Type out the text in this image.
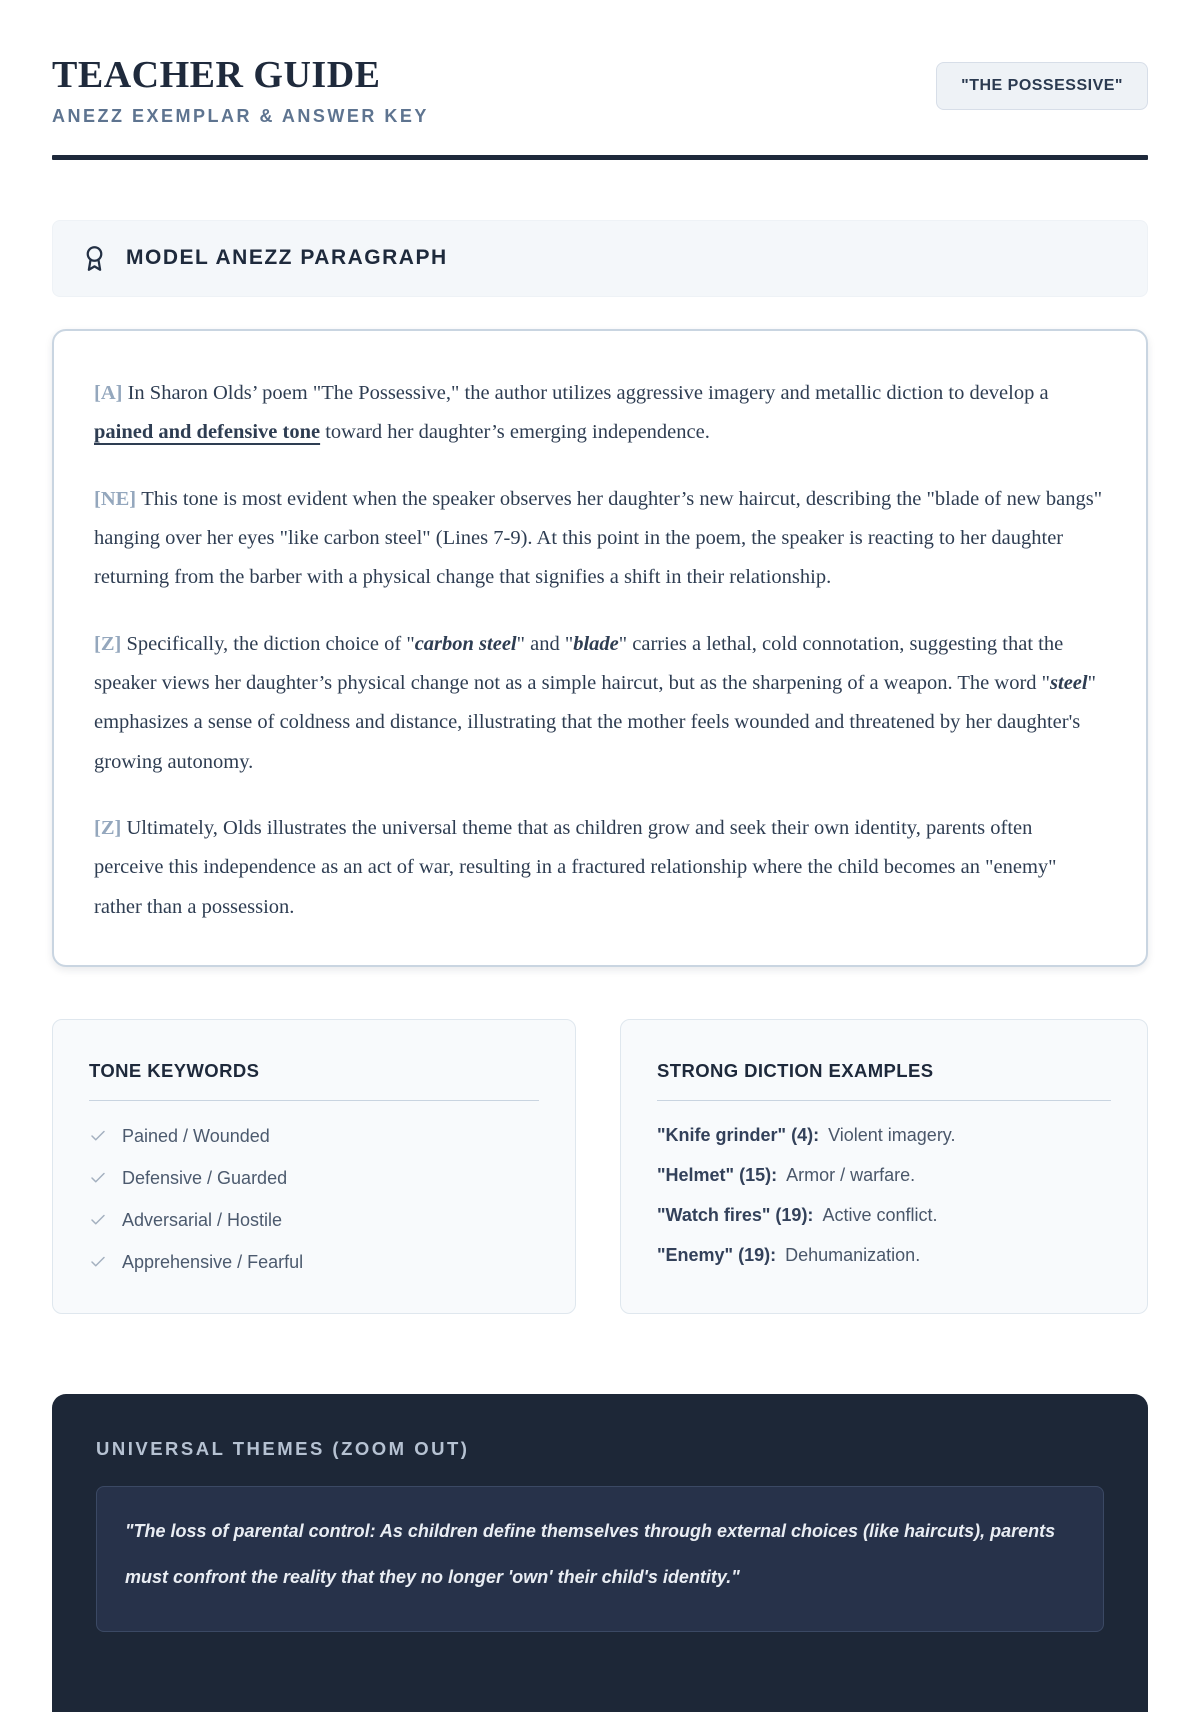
TEACHER GUIDE
ANEZZ EXEMPLAR & ANSWER KEY
"THE POSSESSIVE"
MODEL ANEZZ PARAGRAPH

[A] In Sharon Olds’ poem "The Possessive," the author utilizes aggressive imagery and metallic diction to develop a pained and defensive tone toward her daughter’s emerging independence.

[NE] This tone is most evident when the speaker observes her daughter’s new haircut, describing the "blade of new bangs" hanging over her eyes "like carbon steel" (Lines 7-9). At this point in the poem, the speaker is reacting to her daughter returning from the barber with a physical change that signifies a shift in their relationship.

[Z] Specifically, the diction choice of "carbon steel" and "blade" carries a lethal, cold connotation, suggesting that the speaker views her daughter’s physical change not as a simple haircut, but as the sharpening of a weapon. The word "steel" emphasizes a sense of coldness and distance, illustrating that the mother feels wounded and threatened by her daughter's growing autonomy.

[Z] Ultimately, Olds illustrates the universal theme that as children grow and seek their own identity, parents often perceive this independence as an act of war, resulting in a fractured relationship where the child becomes an "enemy" rather than a possession.

TONE KEYWORDS
Pained / Wounded
Defensive / Guarded
Adversarial / Hostile
Apprehensive / Fearful
STRONG DICTION EXAMPLES
"Knife grinder" (4): Violent imagery.
"Helmet" (15): Armor / warfare.
"Watch fires" (19): Active conflict.
"Enemy" (19): Dehumanization.
UNIVERSAL THEMES (ZOOM OUT)
"The loss of parental control: As children define themselves through external choices (like haircuts), parents must confront the reality that they no longer 'own' their child's identity."
